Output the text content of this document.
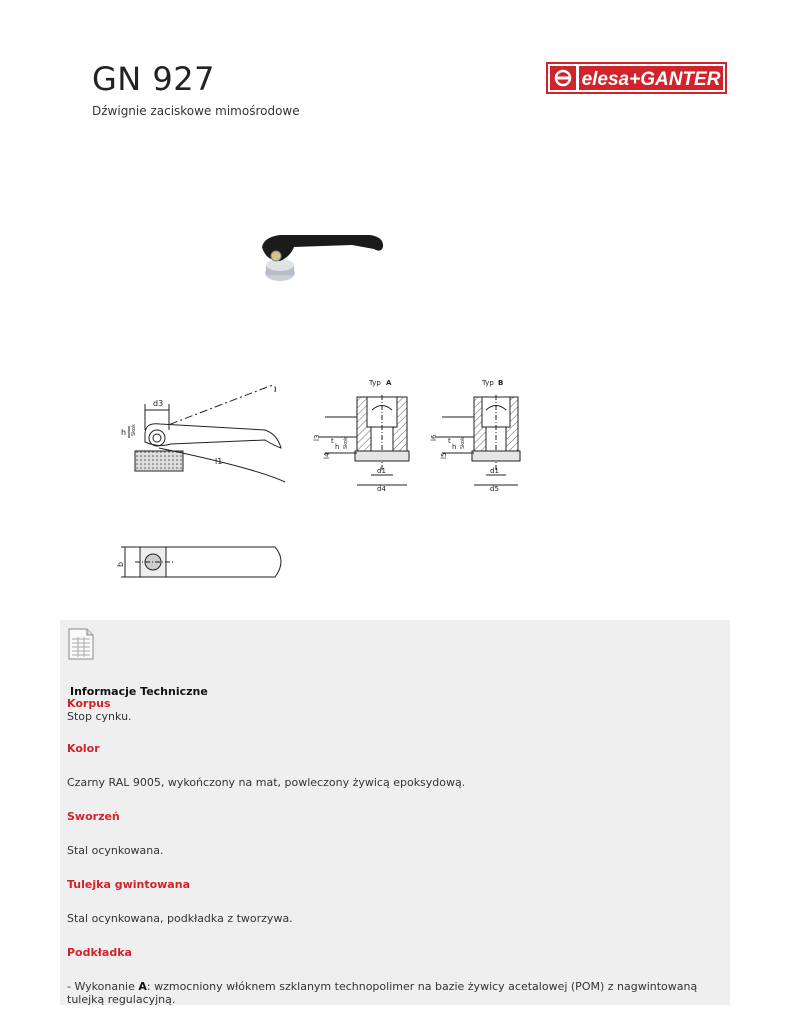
GN 927
Dźwignie zaciskowe mimośrodowe
elesa+GANTER
d3
h Skok
l1
Typ A
l3
l4
t
h Skok
d1
d4
Typ B
l6
l5
t
h Skok
d1
d5
b
Informacje Techniczne
Korpus
Stop cynku.
Kolor
Czarny RAL 9005, wykończony na mat, powleczony żywicą epoksydową.
Sworzeń
Stal ocynkowana.
Tulejka gwintowana
Stal ocynkowana, podkładka z tworzywa.
Podkładka
- Wykonanie A: wzmocniony włóknem szklanym technopolimer na bazie żywicy acetalowej (POM) z nagwintowaną tulejką regulacyjną.
